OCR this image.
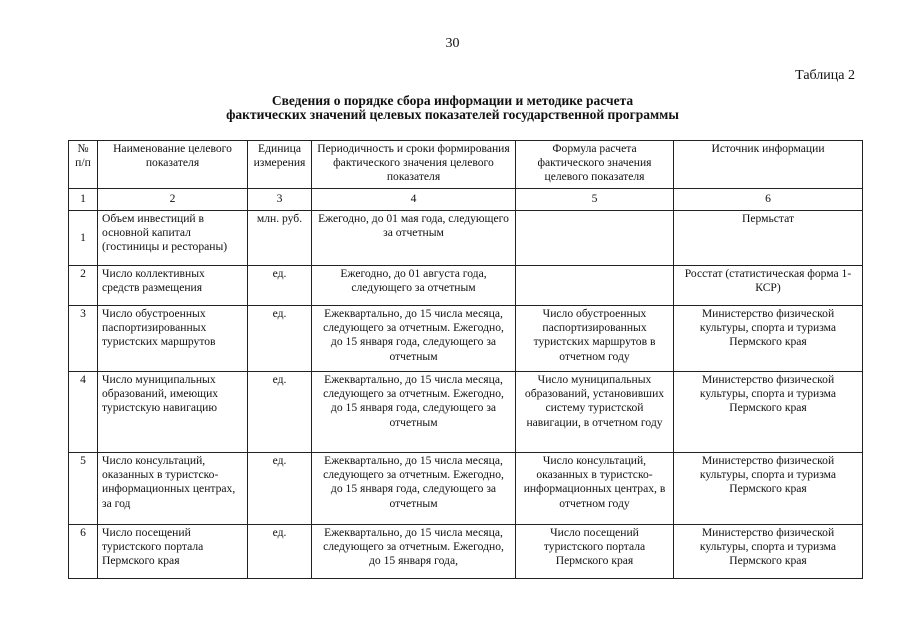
30
Таблица 2
Сведения о порядке сбора информации и методике расчета
фактических значений целевых показателей государственной программы
№ п/п	Наименование целевого показателя	Единица измерения	Периодичность и сроки формирования фактического значения целевого показателя	Формула расчета фактического значения целевого показателя	Источник информации
1	2	3	4	5	6
1	Объем инвестиций в основной капитал (гостиницы и рестораны)	млн. руб.	Ежегодно, до 01 мая года, следующего за отчетным		Пермьстат
2	Число коллективных средств размещения	ед.	Ежегодно, до 01 августа года, следующего за отчетным		Росстат (статистическая форма 1-КСР)
3	Число обустроенных паспортизированных туристских маршрутов	ед.	Ежеквартально, до 15 числа месяца, следующего за отчетным. Ежегодно, до 15 января года, следующего за отчетным	Число обустроенных паспортизированных туристских маршрутов в отчетном году	Министерство физической культуры, спорта и туризма Пермского края
4	Число муниципальных образований, имеющих туристскую навигацию	ед.	Ежеквартально, до 15 числа месяца, следующего за отчетным. Ежегодно, до 15 января года, следующего за отчетным	Число муниципальных образований, установивших систему туристской навигации, в отчетном году	Министерство физической культуры, спорта и туризма Пермского края
5	Число консультаций, оказанных в туристско-информационных центрах, за год	ед.	Ежеквартально, до 15 числа месяца, следующего за отчетным. Ежегодно, до 15 января года, следующего за отчетным	Число консультаций, оказанных в туристско-информационных центрах, в отчетном году	Министерство физической культуры, спорта и туризма Пермского края
6	Число посещений туристского портала Пермского края	ед.	Ежеквартально, до 15 числа месяца, следующего за отчетным. Ежегодно, до 15 января года,	Число посещений туристского портала Пермского края	Министерство физической культуры, спорта и туризма Пермского края
